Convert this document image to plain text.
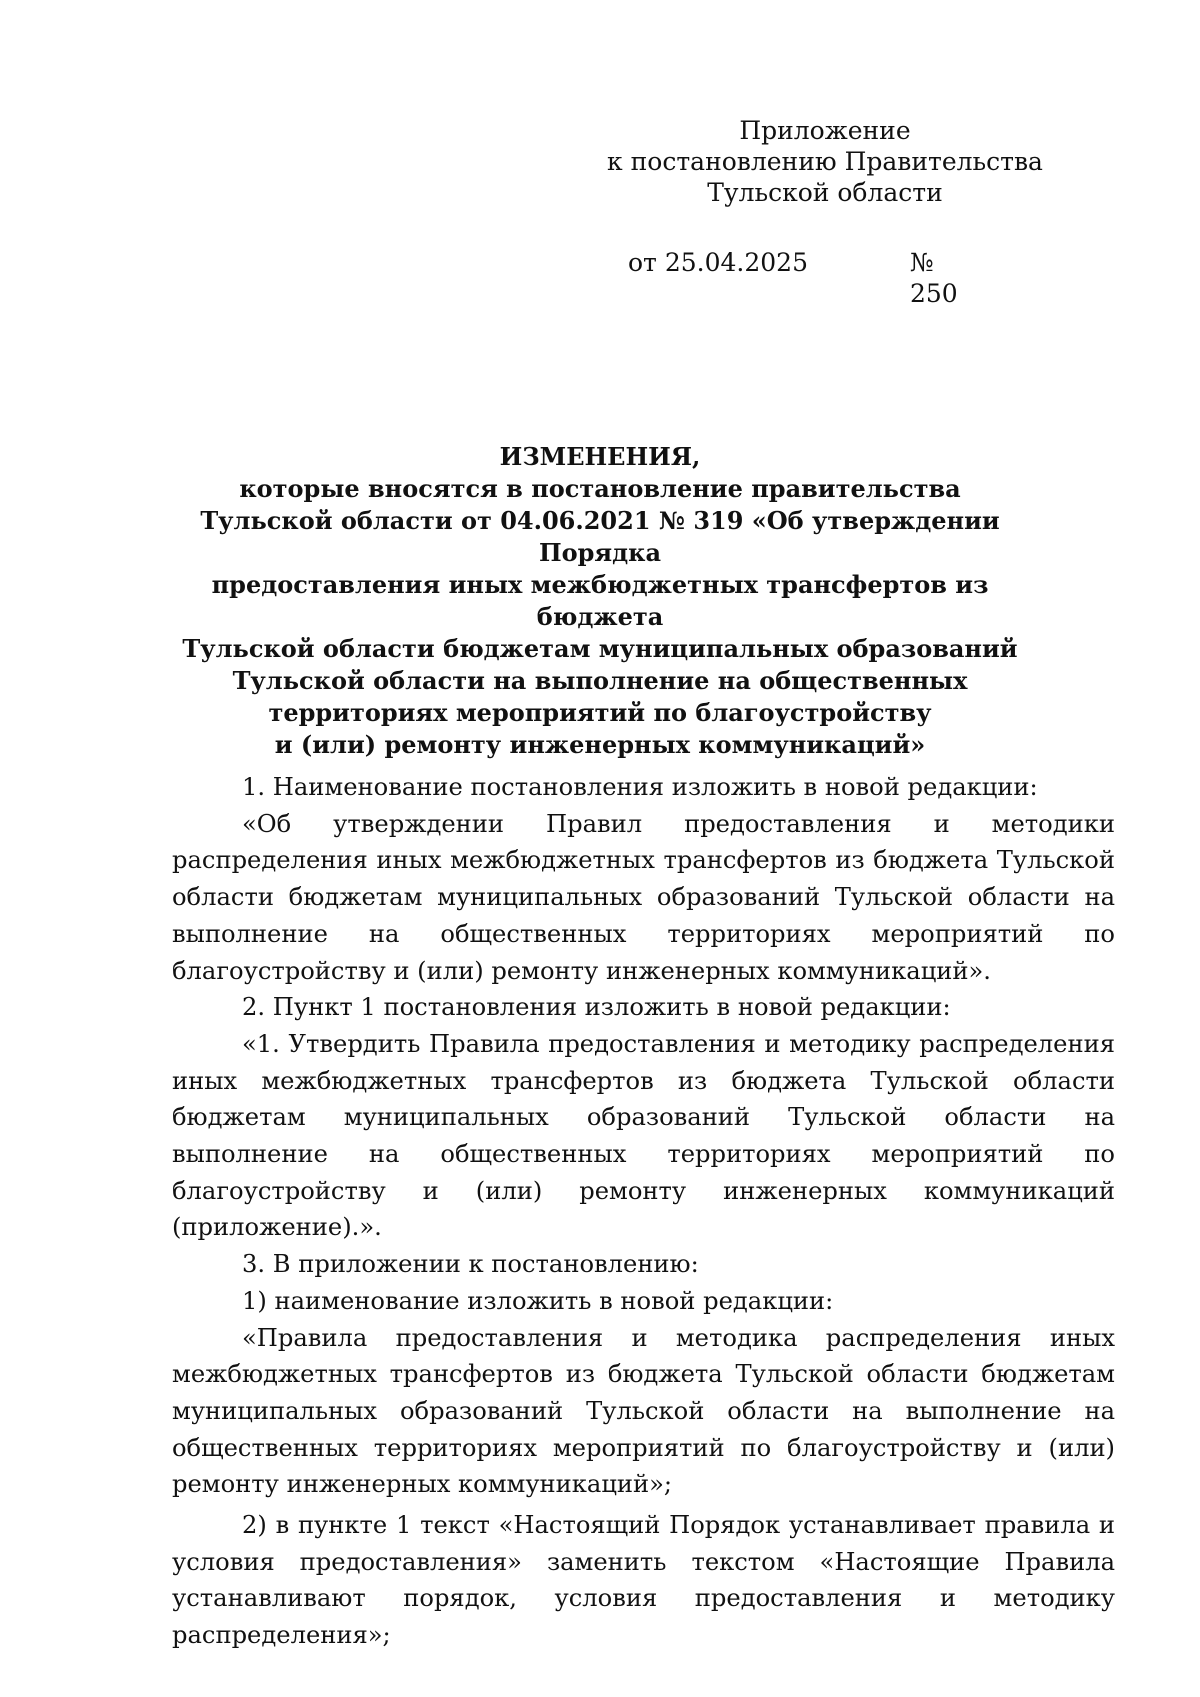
Приложение
к постановлению Правительства
Тульской области
от 25.04.2025	№ 250
ИЗМЕНЕНИЯ,
которые вносятся в постановление правительства
Тульской области от 04.06.2021 № 319 «Об утверждении Порядка
предоставления иных межбюджетных трансфертов из бюджета
Тульской области бюджетам муниципальных образований
Тульской области на выполнение на общественных
территориях мероприятий по благоустройству
и (или) ремонту инженерных коммуникаций»

1. Наименование постановления изложить в новой редакции:

«Об утверждении Правил предоставления и методики распределения иных межбюджетных трансфертов из бюджета Тульской области бюджетам муниципальных образований Тульской области на выполнение на общественных территориях мероприятий по благоустройству и (или) ремонту инженерных коммуникаций».

2. Пункт 1 постановления изложить в новой редакции:

«1. Утвердить Правила предоставления и методику распределения иных межбюджетных трансфертов из бюджета Тульской области бюджетам муниципальных образований Тульской области на выполнение на общественных территориях мероприятий по благоустройству и (или) ремонту инженерных коммуникаций (приложение).».

3. В приложении к постановлению:

1) наименование изложить в новой редакции:

«Правила предоставления и методика распределения иных межбюджетных трансфертов из бюджета Тульской области бюджетам муниципальных образований Тульской области на выполнение на общественных территориях мероприятий по благоустройству и (или) ремонту инженерных коммуникаций»;

2) в пункте 1 текст «Настоящий Порядок устанавливает правила и условия предоставления» заменить текстом «Настоящие Правила устанавливают порядок, условия предоставления и методику распределения»;
